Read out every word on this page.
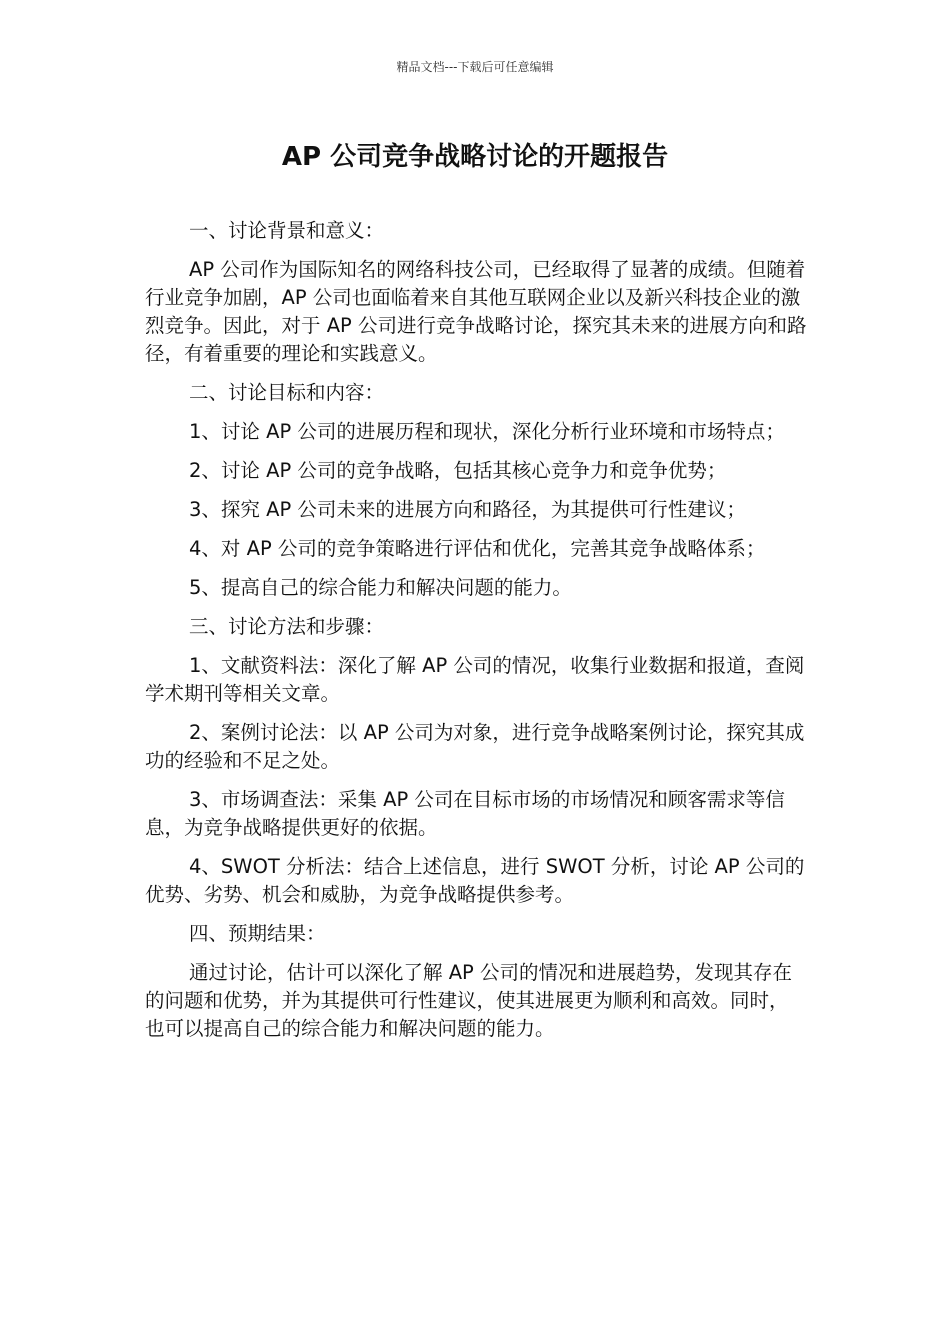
精品文档---下载后可任意编辑
AP 公司竞争战略讨论的开题报告

一、讨论背景和意义：

AP 公司作为国际知名的网络科技公司，已经取得了显著的成绩。但随着行业竞争加剧，AP 公司也面临着来自其他互联网企业以及新兴科技企业的激烈竞争。因此，对于 AP 公司进行竞争战略讨论，探究其未来的进展方向和路径，有着重要的理论和实践意义。

二、讨论目标和内容：

1、讨论 AP 公司的进展历程和现状，深化分析行业环境和市场特点；

2、讨论 AP 公司的竞争战略，包括其核心竞争力和竞争优势；

3、探究 AP 公司未来的进展方向和路径，为其提供可行性建议；

4、对 AP 公司的竞争策略进行评估和优化，完善其竞争战略体系；

5、提高自己的综合能力和解决问题的能力。

三、讨论方法和步骤：

1、文献资料法：深化了解 AP 公司的情况，收集行业数据和报道，查阅学术期刊等相关文章。

2、案例讨论法：以 AP 公司为对象，进行竞争战略案例讨论，探究其成功的经验和不足之处。

3、市场调查法：采集 AP 公司在目标市场的市场情况和顾客需求等信息，为竞争战略提供更好的依据。

4、SWOT 分析法：结合上述信息，进行 SWOT 分析，讨论 AP 公司的优势、劣势、机会和威胁，为竞争战略提供参考。

四、预期结果：

通过讨论，估计可以深化了解 AP 公司的情况和进展趋势，发现其存在的问题和优势，并为其提供可行性建议，使其进展更为顺利和高效。同时，也可以提高自己的综合能力和解决问题的能力。
